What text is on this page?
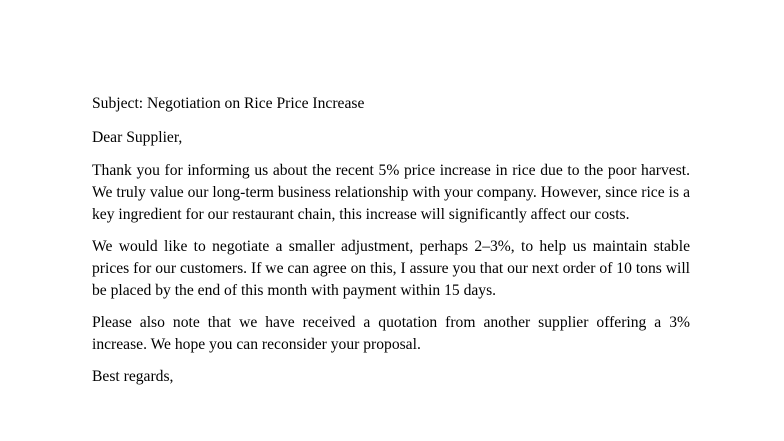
Subject: Negotiation on Rice Price Increase

Dear Supplier,

Thank you for informing us about the recent 5% price increase in rice due to the poor harvest. We truly value our long-term business relationship with your company. However, since rice is a key ingredient for our restaurant chain, this increase will significantly affect our costs.

We would like to negotiate a smaller adjustment, perhaps 2–3%, to help us maintain stable prices for our customers. If we can agree on this, I assure you that our next order of 10 tons will be placed by the end of this month with payment within 15 days.

Please also note that we have received a quotation from another supplier offering a 3% increase. We hope you can reconsider your proposal.

Best regards,
